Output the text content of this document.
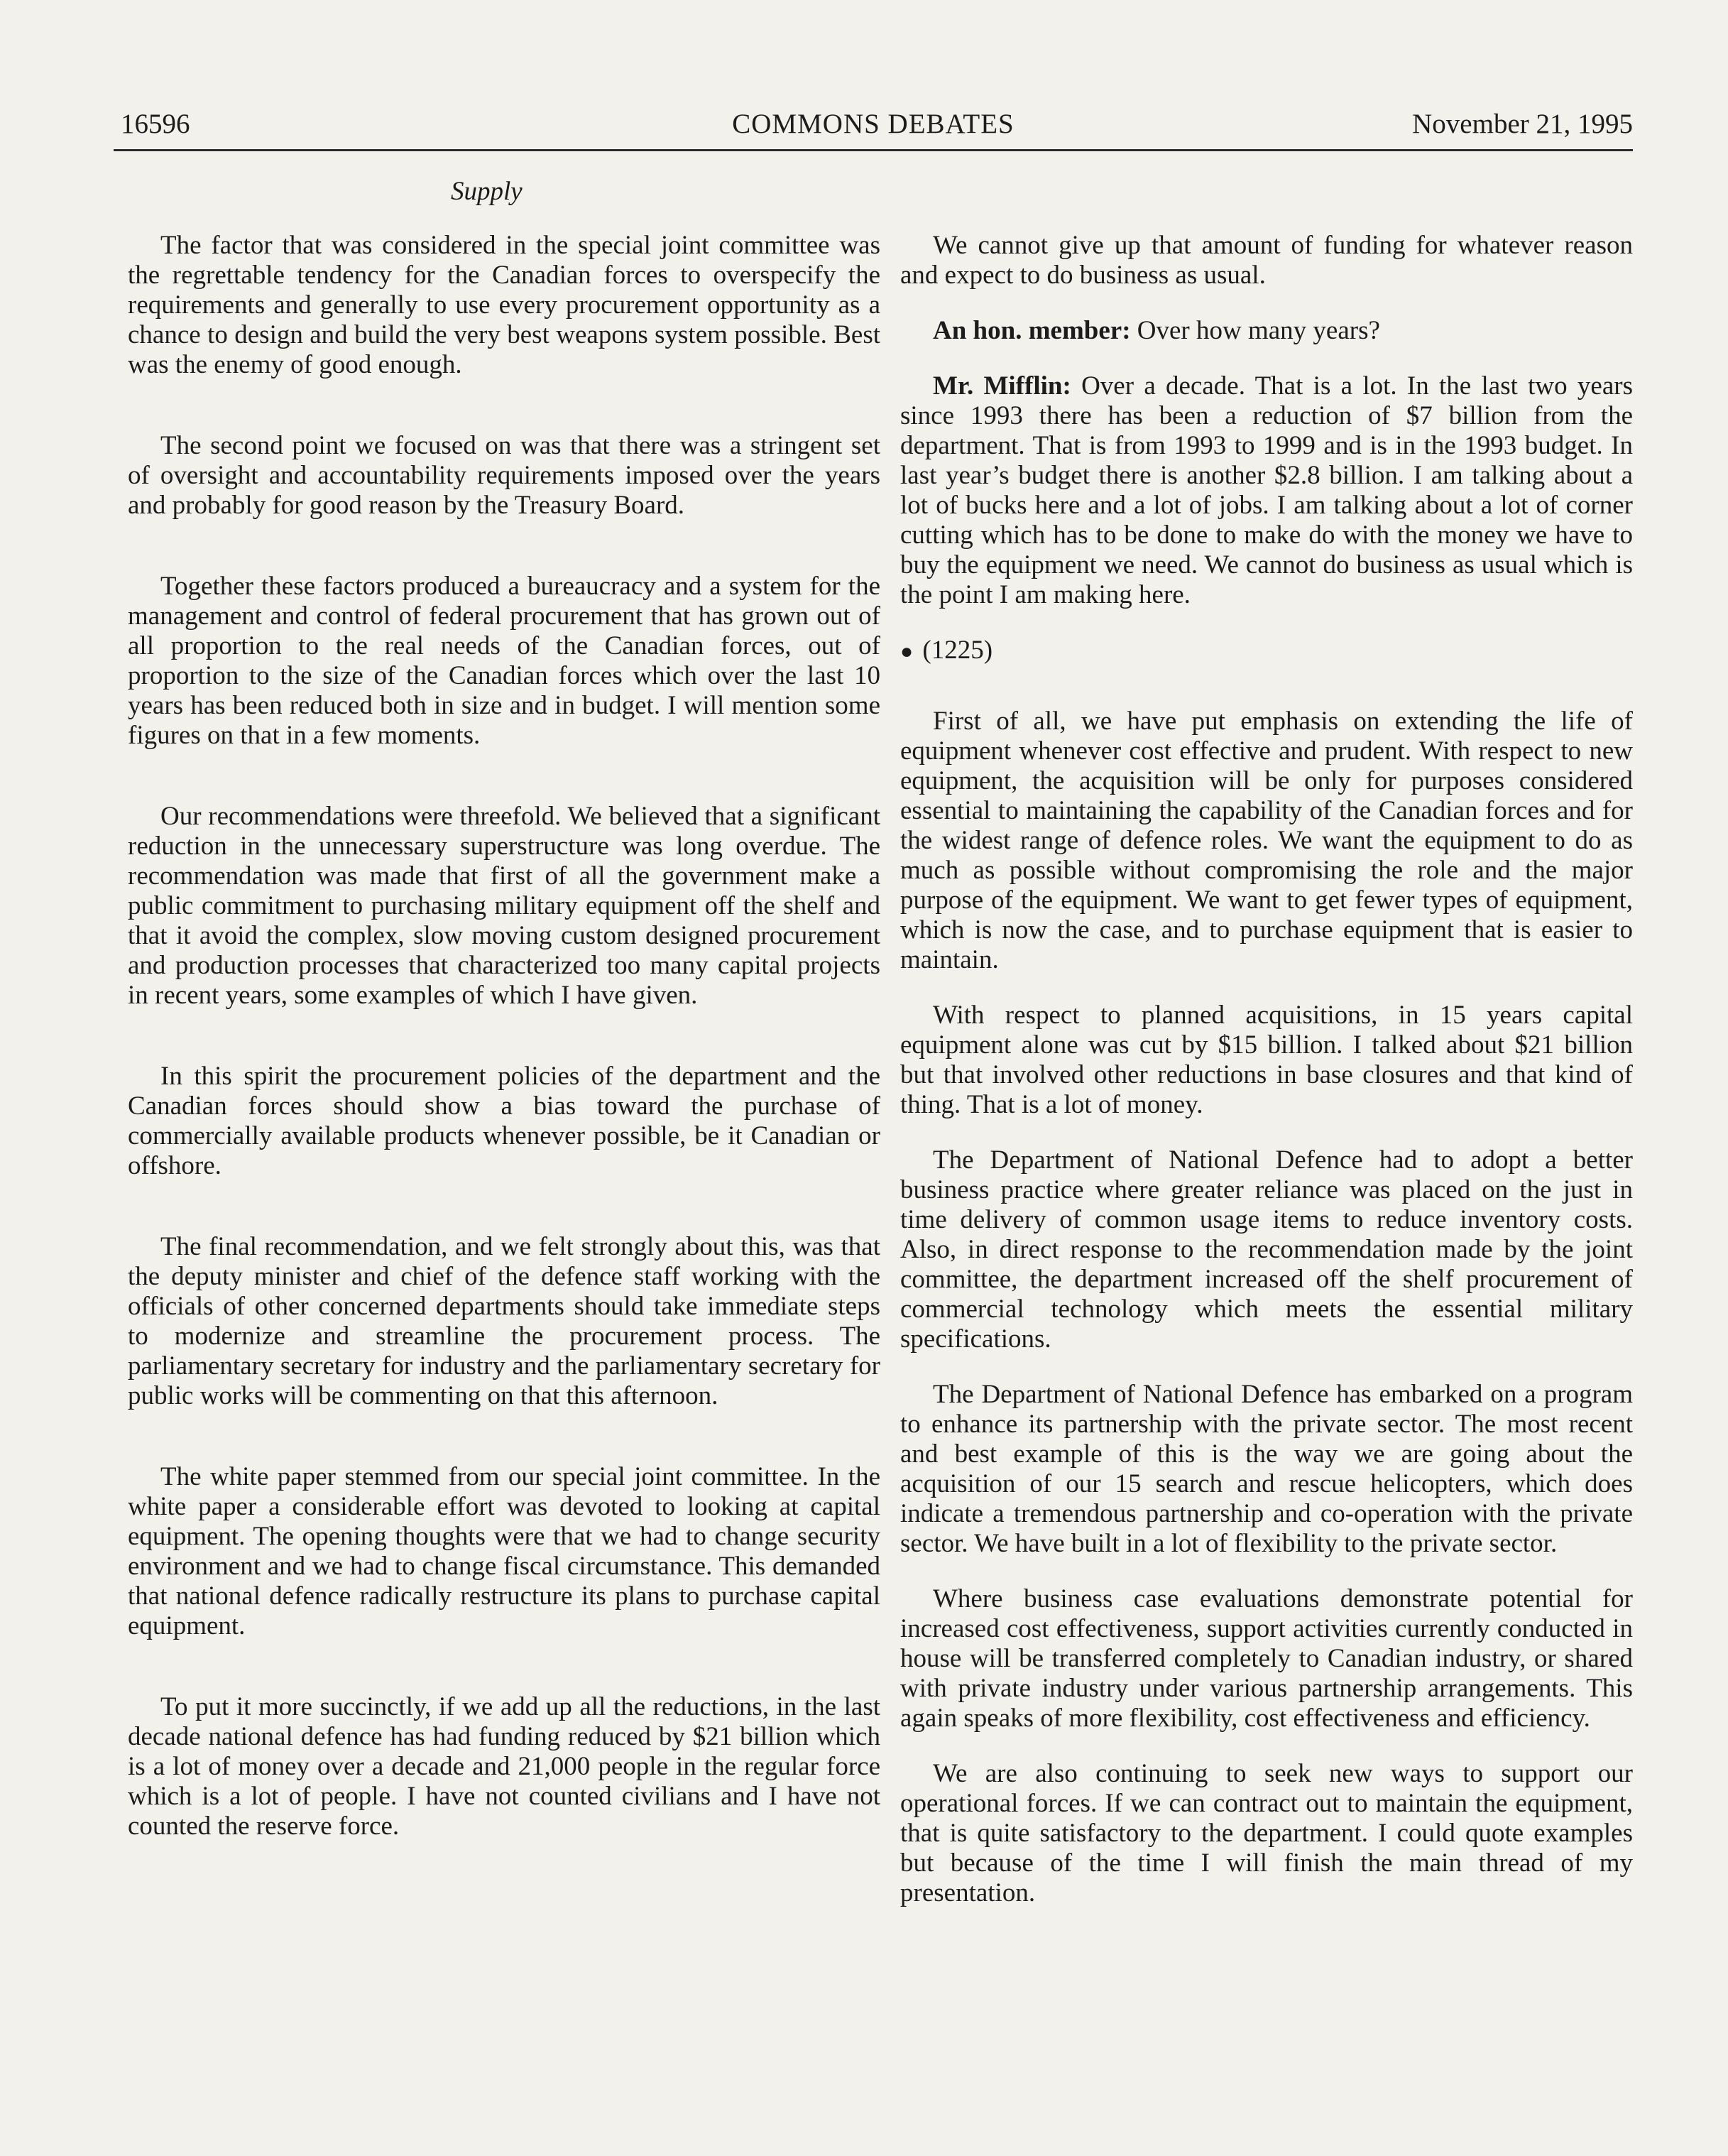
16596	COMMONS DEBATES	November 21, 1995
Supply

The factor that was considered in the special joint committee was the regrettable tendency for the Canadian forces to overspecify the requirements and generally to use every procurement opportunity as a chance to design and build the very best weapons system possible. Best was the enemy of good enough.

The second point we focused on was that there was a stringent set of oversight and accountability requirements imposed over the years and probably for good reason by the Treasury Board.

Together these factors produced a bureaucracy and a system for the management and control of federal procurement that has grown out of all proportion to the real needs of the Canadian forces, out of proportion to the size of the Canadian forces which over the last 10 years has been reduced both in size and in budget. I will mention some figures on that in a few moments.

Our recommendations were threefold. We believed that a significant reduction in the unnecessary superstructure was long overdue. The recommendation was made that first of all the government make a public commitment to purchasing military equipment off the shelf and that it avoid the complex, slow moving custom designed procurement and production processes that characterized too many capital projects in recent years, some examples of which I have given.

In this spirit the procurement policies of the department and the Canadian forces should show a bias toward the purchase of commercially available products whenever possible, be it Canadian or offshore.

The final recommendation, and we felt strongly about this, was that the deputy minister and chief of the defence staff working with the officials of other concerned departments should take immediate steps to modernize and streamline the procurement process. The parliamentary secretary for industry and the parliamentary secretary for public works will be commenting on that this afternoon.

The white paper stemmed from our special joint committee. In the white paper a considerable effort was devoted to looking at capital equipment. The opening thoughts were that we had to change security environment and we had to change fiscal circumstance. This demanded that national defence radically restructure its plans to purchase capital equipment.

To put it more succinctly, if we add up all the reductions, in the last decade national defence has had funding reduced by $21 billion which is a lot of money over a decade and 21,000 people in the regular force which is a lot of people. I have not counted civilians and I have not counted the reserve force.

We cannot give up that amount of funding for whatever reason and expect to do business as usual.

An hon. member: Over how many years?

Mr. Mifflin: Over a decade. That is a lot. In the last two years since 1993 there has been a reduction of $7 billion from the department. That is from 1993 to 1999 and is in the 1993 budget. In last year’s budget there is another $2.8 billion. I am talking about a lot of bucks here and a lot of jobs. I am talking about a lot of corner cutting which has to be done to make do with the money we have to buy the equipment we need. We cannot do business as usual which is the point I am making here.

● (1225)

First of all, we have put emphasis on extending the life of equipment whenever cost effective and prudent. With respect to new equipment, the acquisition will be only for purposes considered essential to maintaining the capability of the Canadian forces and for the widest range of defence roles. We want the equipment to do as much as possible without compromising the role and the major purpose of the equipment. We want to get fewer types of equipment, which is now the case, and to purchase equipment that is easier to maintain.

With respect to planned acquisitions, in 15 years capital equipment alone was cut by $15 billion. I talked about $21 billion but that involved other reductions in base closures and that kind of thing. That is a lot of money.

The Department of National Defence had to adopt a better business practice where greater reliance was placed on the just in time delivery of common usage items to reduce inventory costs. Also, in direct response to the recommendation made by the joint committee, the department increased off the shelf procurement of commercial technology which meets the essential military specifications.

The Department of National Defence has embarked on a program to enhance its partnership with the private sector. The most recent and best example of this is the way we are going about the acquisition of our 15 search and rescue helicopters, which does indicate a tremendous partnership and co-operation with the private sector. We have built in a lot of flexibility to the private sector.

Where business case evaluations demonstrate potential for increased cost effectiveness, support activities currently conducted in house will be transferred completely to Canadian industry, or shared with private industry under various partnership arrangements. This again speaks of more flexibility, cost effectiveness and efficiency.

We are also continuing to seek new ways to support our operational forces. If we can contract out to maintain the equipment, that is quite satisfactory to the department. I could quote examples but because of the time I will finish the main thread of my presentation.
